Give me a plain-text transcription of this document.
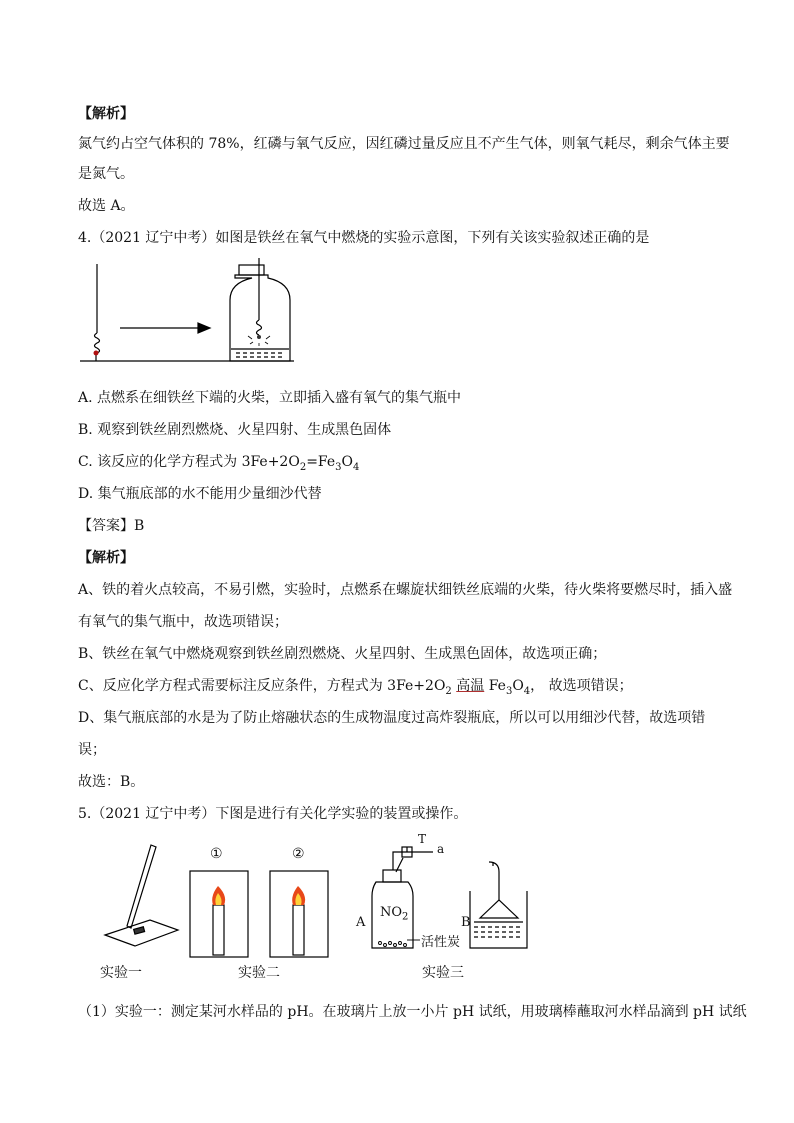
【解析】
氮气约占空气体积的 78%，红磷与氧气反应，因红磷过量反应且不产生气体，则氧气耗尽，剩余气体主要
是氮气。
故选 A。
4.（2021 辽宁中考）如图是铁丝在氧气中燃烧的实验示意图，下列有关该实验叙述正确的是
A. 点燃系在细铁丝下端的火柴，立即插入盛有氧气的集气瓶中
B. 观察到铁丝剧烈燃烧、火星四射、生成黑色固体
C. 该反应的化学方程式为 $3Fe+2O_2=Fe_3O_4$
D. 集气瓶底部的水不能用少量细沙代替
【答案】B
【解析】
A、铁的着火点较高，不易引燃，实验时，点燃系在螺旋状细铁丝底端的火柴，待火柴将要燃尽时，插入盛
有氧气的集气瓶中，故选项错误；
B、铁丝在氧气中燃烧观察到铁丝剧烈燃烧、火星四射、生成黑色固体，故选项正确；
C、反应化学方程式需要标注反应条件，方程式为 $3Fe+2O_2$ 高温 $Fe_3O_4$， 故选项错误；
D、集气瓶底部的水是为了防止熔融状态的生成物温度过高炸裂瓶底，所以可以用细沙代替，故选项错
误；
故选：B。
5.（2021 辽宁中考）下图是进行有关化学实验的装置或操作。
①	②
T
a
$NO_2$
A	B
活性炭
实验一	实验二	实验三
（1）实验一：测定某河水样品的 pH。在玻璃片上放一小片 pH 试纸，用玻璃棒蘸取河水样品滴到 pH 试纸
